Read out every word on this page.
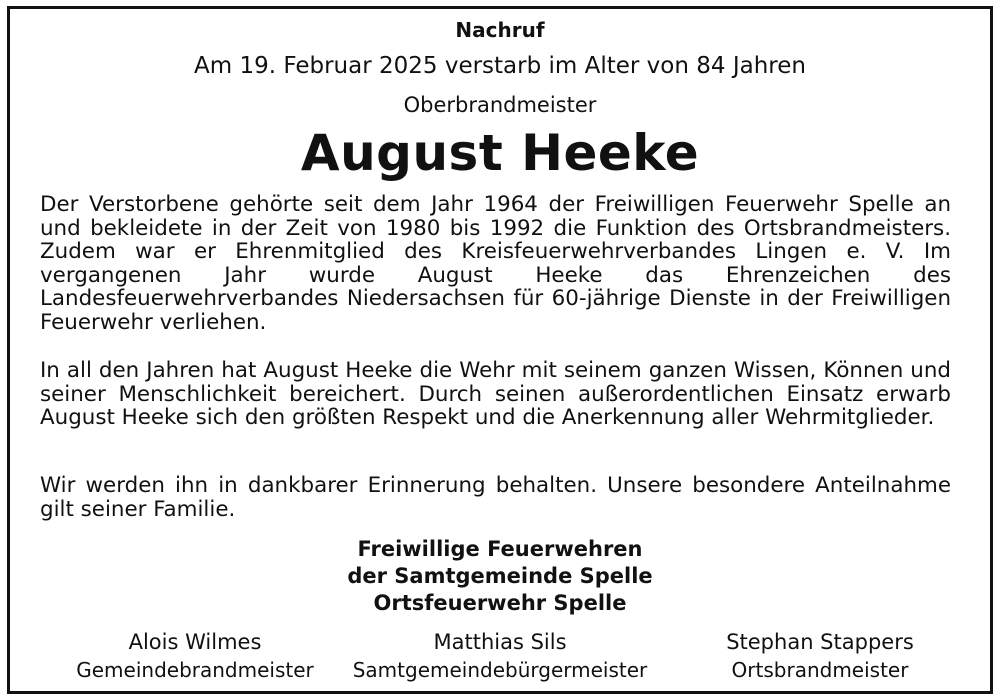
Nachruf
Am 19. Februar 2025 verstarb im Alter von 84 Jahren
Oberbrandmeister
August Heeke
Der Verstorbene gehörte seit dem Jahr 1964 der Freiwilligen Feuerwehr Spelle an und bekleidete in der Zeit von 1980 bis 1992 die Funktion des Ortsbrandmeisters. Zudem war er Ehrenmitglied des Kreisfeuerwehrverbandes Lingen e. V. Im vergangenen Jahr wurde August Heeke das Ehrenzeichen des Landesfeuerwehrverbandes Niedersachsen für 60-jährige Dienste in der Freiwilligen Feuerwehr verliehen.
In all den Jahren hat August Heeke die Wehr mit seinem ganzen Wissen, Können und seiner Menschlichkeit bereichert. Durch seinen außerordentlichen Einsatz erwarb August Heeke sich den größten Respekt und die Anerkennung aller Wehrmitglieder.
Wir werden ihn in dankbarer Erinnerung behalten. Unsere besondere Anteilnahme gilt seiner Familie.
Freiwillige Feuerwehren
der Samtgemeinde Spelle
Ortsfeuerwehr Spelle
Alois Wilmes
Gemeindebrandmeister
Matthias Sils
Samtgemeindebürgermeister
Stephan Stappers
Ortsbrandmeister
